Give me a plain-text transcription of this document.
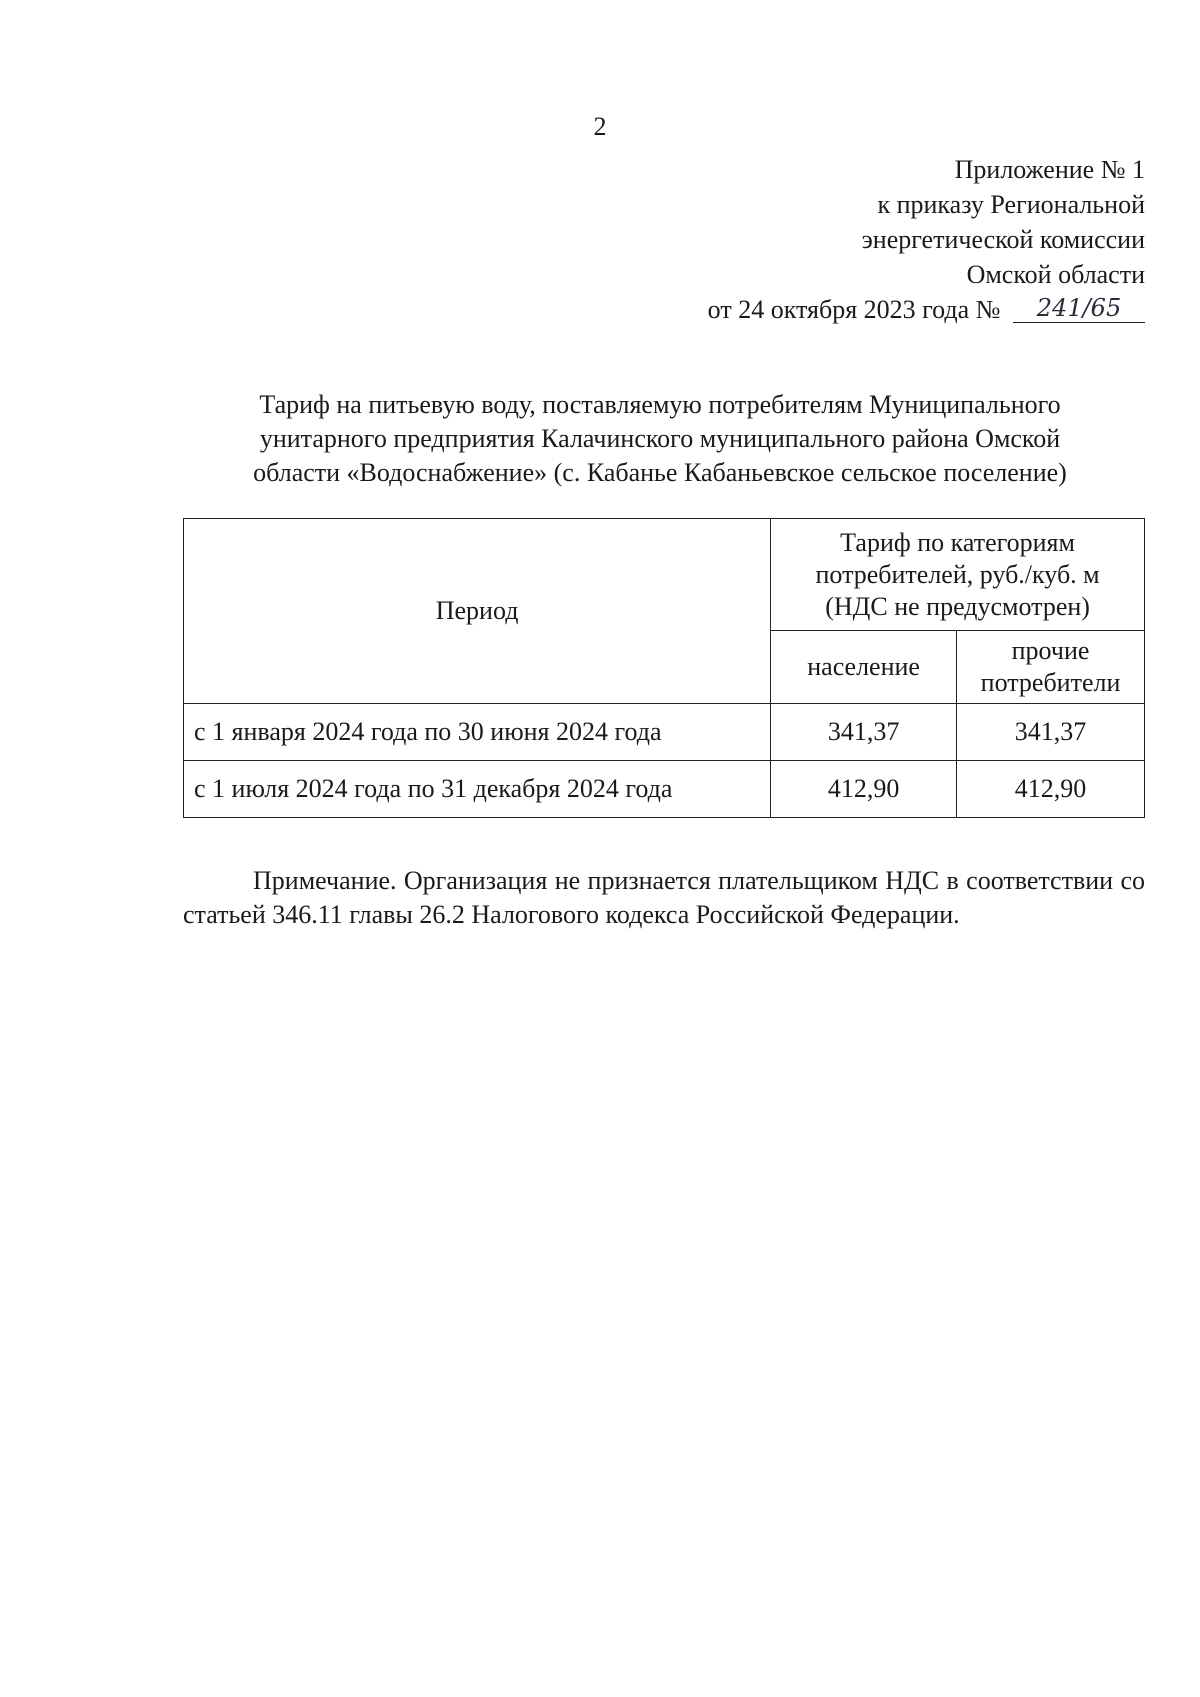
2
Приложение № 1
к приказу Региональной
энергетической комиссии
Омской области
от 24 октября 2023 года № 241/65
Тариф на питьевую воду, поставляемую потребителям Муниципального
унитарного предприятия Калачинского муниципального района Омской
области «Водоснабжение» (с. Кабанье Кабаньевское сельское поселение)
Период	Тариф по категориям
потребителей, руб./куб. м
(НДС не предусмотрен)	

	население	прочие
потребители

с 1 января 2024 года по 30 июня 2024 года	341,37	341,37
с 1 июля 2024 года по 31 декабря 2024 года	412,90	412,90
Примечание. Организация не признается плательщиком НДС в соответствии со статьей 346.11 главы 26.2 Налогового кодекса Российской Федерации.
